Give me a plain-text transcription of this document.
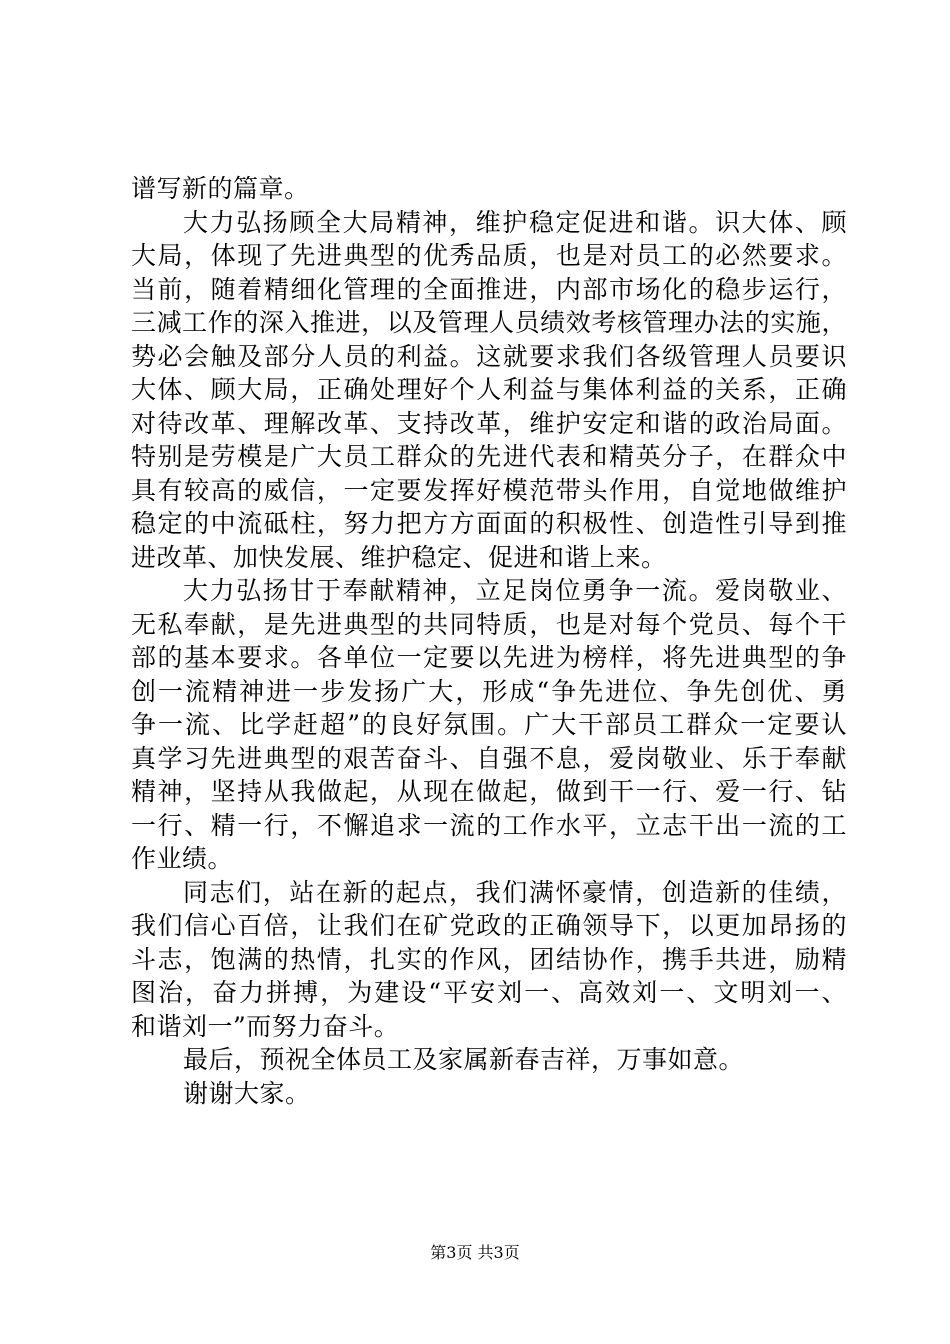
谱写新的篇章。
大力弘扬顾全大局精神，维护稳定促进和谐。识大体、顾
大局，体现了先进典型的优秀品质，也是对员工的必然要求。
当前，随着精细化管理的全面推进，内部市场化的稳步运行，
三减工作的深入推进，以及管理人员绩效考核管理办法的实施，
势必会触及部分人员的利益。这就要求我们各级管理人员要识
大体、顾大局，正确处理好个人利益与集体利益的关系，正确
对待改革、理解改革、支持改革，维护安定和谐的政治局面。
特别是劳模是广大员工群众的先进代表和精英分子，在群众中
具有较高的威信，一定要发挥好模范带头作用，自觉地做维护
稳定的中流砥柱，努力把方方面面的积极性、创造性引导到推
进改革、加快发展、维护稳定、促进和谐上来。
大力弘扬甘于奉献精神，立足岗位勇争一流。爱岗敬业、
无私奉献，是先进典型的共同特质，也是对每个党员、每个干
部的基本要求。各单位一定要以先进为榜样，将先进典型的争
创一流精神进一步发扬广大，形成“争先进位、争先创优、勇
争一流、比学赶超”的良好氛围。广大干部员工群众一定要认
真学习先进典型的艰苦奋斗、自强不息，爱岗敬业、乐于奉献
精神，坚持从我做起，从现在做起，做到干一行、爱一行、钻
一行、精一行，不懈追求一流的工作水平，立志干出一流的工
作业绩。
同志们，站在新的起点，我们满怀豪情，创造新的佳绩，
我们信心百倍，让我们在矿党政的正确领导下，以更加昂扬的
斗志，饱满的热情，扎实的作风，团结协作，携手共进，励精
图治，奋力拼搏，为建设“平安刘一、高效刘一、文明刘一、
和谐刘一”而努力奋斗。
最后，预祝全体员工及家属新春吉祥，万事如意。
谢谢大家。
第3页 共3页
